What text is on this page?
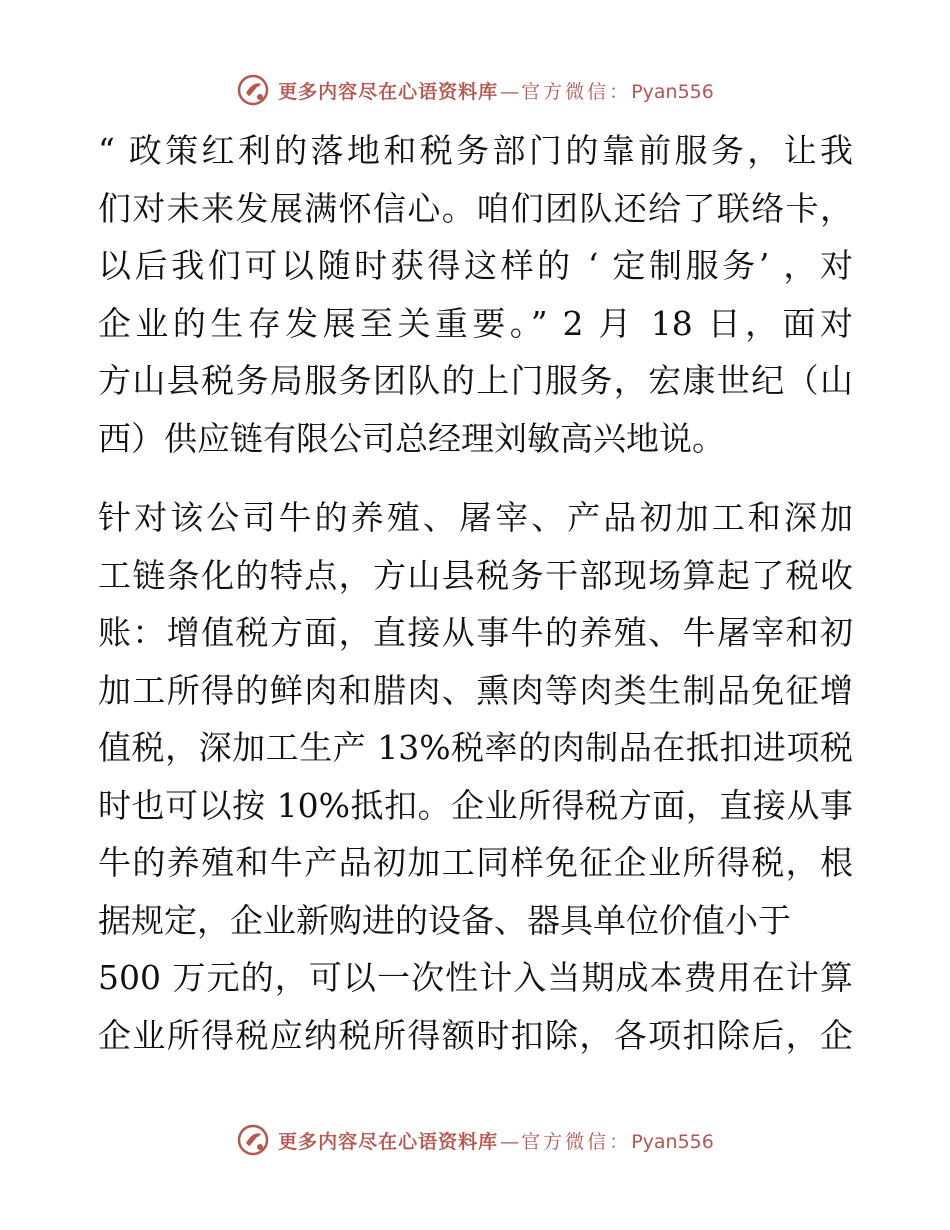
更多内容尽在心语资料库 — 官方微信： Pyan556
“ 政策红利的落地和税务部门的靠前服务，让我
们对未来发展满怀信心。咱们团队还给了联络卡，
以后我们可以随时获得这样的 ‘ 定制服务’ ，对
企业的生存发展至关重要。” 2 月 18 日，面对
方山县税务局服务团队的上门服务，宏康世纪（山
西）供应链有限公司总经理刘敏高兴地说。
针对该公司牛的养殖、屠宰、产品初加工和深加
工链条化的特点，方山县税务干部现场算起了税收
账：增值税方面，直接从事牛的养殖、牛屠宰和初
加工所得的鲜肉和腊肉、熏肉等肉类生制品免征增
值税，深加工生产 13%税率的肉制品在抵扣进项税
时也可以按 10%抵扣。企业所得税方面，直接从事
牛的养殖和牛产品初加工同样免征企业所得税，根
据规定，企业新购进的设备、器具单位价值小于
500 万元的，可以一次性计入当期成本费用在计算
企业所得税应纳税所得额时扣除，各项扣除后，企
更多内容尽在心语资料库 — 官方微信： Pyan556
